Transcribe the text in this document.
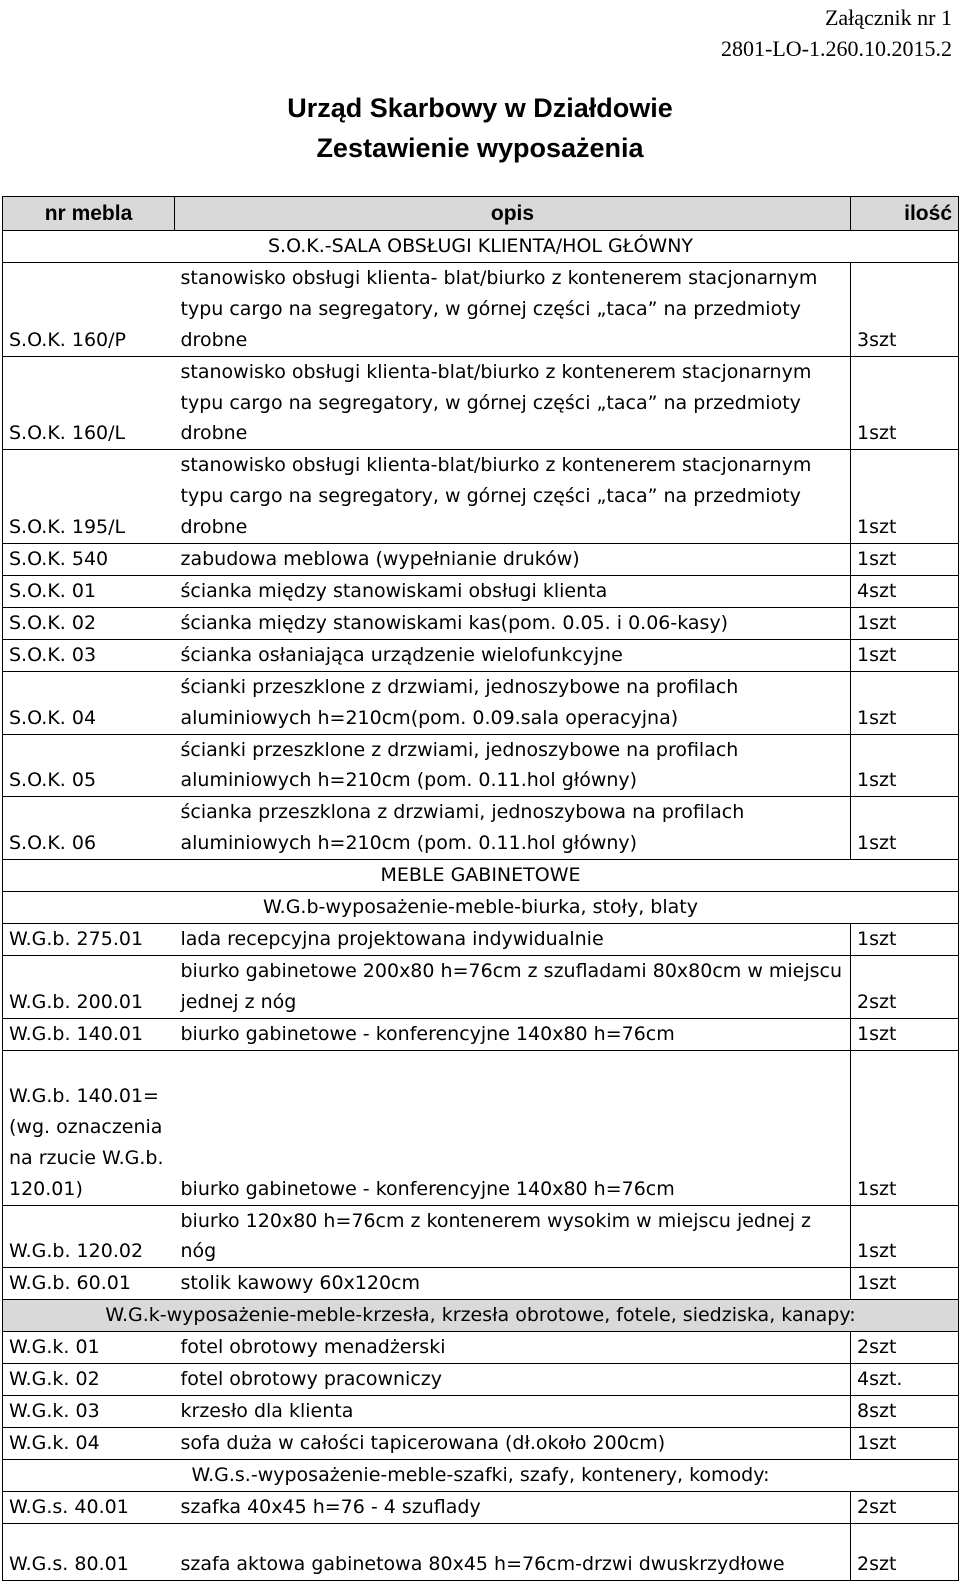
Załącznik nr 1
2801-LO-1.260.10.2015.2
Urząd Skarbowy w Działdowie
Zestawienie wyposażenia
nr mebla	opis	ilość
S.O.K.-SALA OBSŁUGI KLIENTA/HOL GŁÓWNY		
S.O.K. 160/P	stanowisko obsługi klienta- blat/biurko z kontenerem stacjonarnym
typu cargo na segregatory, w górnej części „taca” na przedmioty
drobne	3szt
S.O.K. 160/L	stanowisko obsługi klienta-blat/biurko z kontenerem stacjonarnym
typu cargo na segregatory, w górnej części „taca” na przedmioty
drobne	1szt
S.O.K. 195/L	stanowisko obsługi klienta-blat/biurko z kontenerem stacjonarnym
typu cargo na segregatory, w górnej części „taca” na przedmioty
drobne	1szt
S.O.K. 540	zabudowa meblowa (wypełnianie druków)	1szt
S.O.K. 01	ścianka między stanowiskami obsługi klienta	4szt
S.O.K. 02	ścianka między stanowiskami kas(pom. 0.05. i 0.06-kasy)	1szt
S.O.K. 03	ścianka osłaniająca urządzenie wielofunkcyjne	1szt
S.O.K. 04	ścianki przeszklone z drzwiami, jednoszybowe na profilach
aluminiowych h=210cm(pom. 0.09.sala operacyjna)	1szt
S.O.K. 05	ścianki przeszklone z drzwiami, jednoszybowe na profilach
aluminiowych h=210cm (pom. 0.11.hol główny)	1szt
S.O.K. 06	ścianka przeszklona z drzwiami, jednoszybowa na profilach
aluminiowych h=210cm (pom. 0.11.hol główny)	1szt
MEBLE GABINETOWE		
W.G.b-wyposażenie-meble-biurka, stoły, blaty		
W.G.b. 275.01	lada recepcyjna projektowana indywidualnie	1szt
W.G.b. 200.01	biurko gabinetowe 200x80 h=76cm z szufladami 80x80cm w miejscu
jednej z nóg	2szt
W.G.b. 140.01	biurko gabinetowe - konferencyjne 140x80 h=76cm	1szt

W.G.b. 140.01=
(wg. oznaczenia
na rzucie W.G.b.
120.01)	biurko gabinetowe - konferencyjne 140x80 h=76cm	1szt
W.G.b. 120.02	biurko 120x80 h=76cm z kontenerem wysokim w miejscu jednej z
nóg	1szt
W.G.b. 60.01	stolik kawowy 60x120cm	1szt
W.G.k-wyposażenie-meble-krzesła, krzesła obrotowe, fotele, siedziska, kanapy:		
W.G.k. 01	fotel obrotowy menadżerski	2szt
W.G.k. 02	fotel obrotowy pracowniczy	4szt.
W.G.k. 03	krzesło dla klienta	8szt
W.G.k. 04	sofa duża w całości tapicerowana (dł.około 200cm)	1szt
W.G.s.-wyposażenie-meble-szafki, szafy, kontenery, komody:		
W.G.s. 40.01	szafka 40x45 h=76 - 4 szuflady	2szt
W.G.s. 80.01	szafa aktowa gabinetowa 80x45 h=76cm-drzwi dwuskrzydłowe	2szt
